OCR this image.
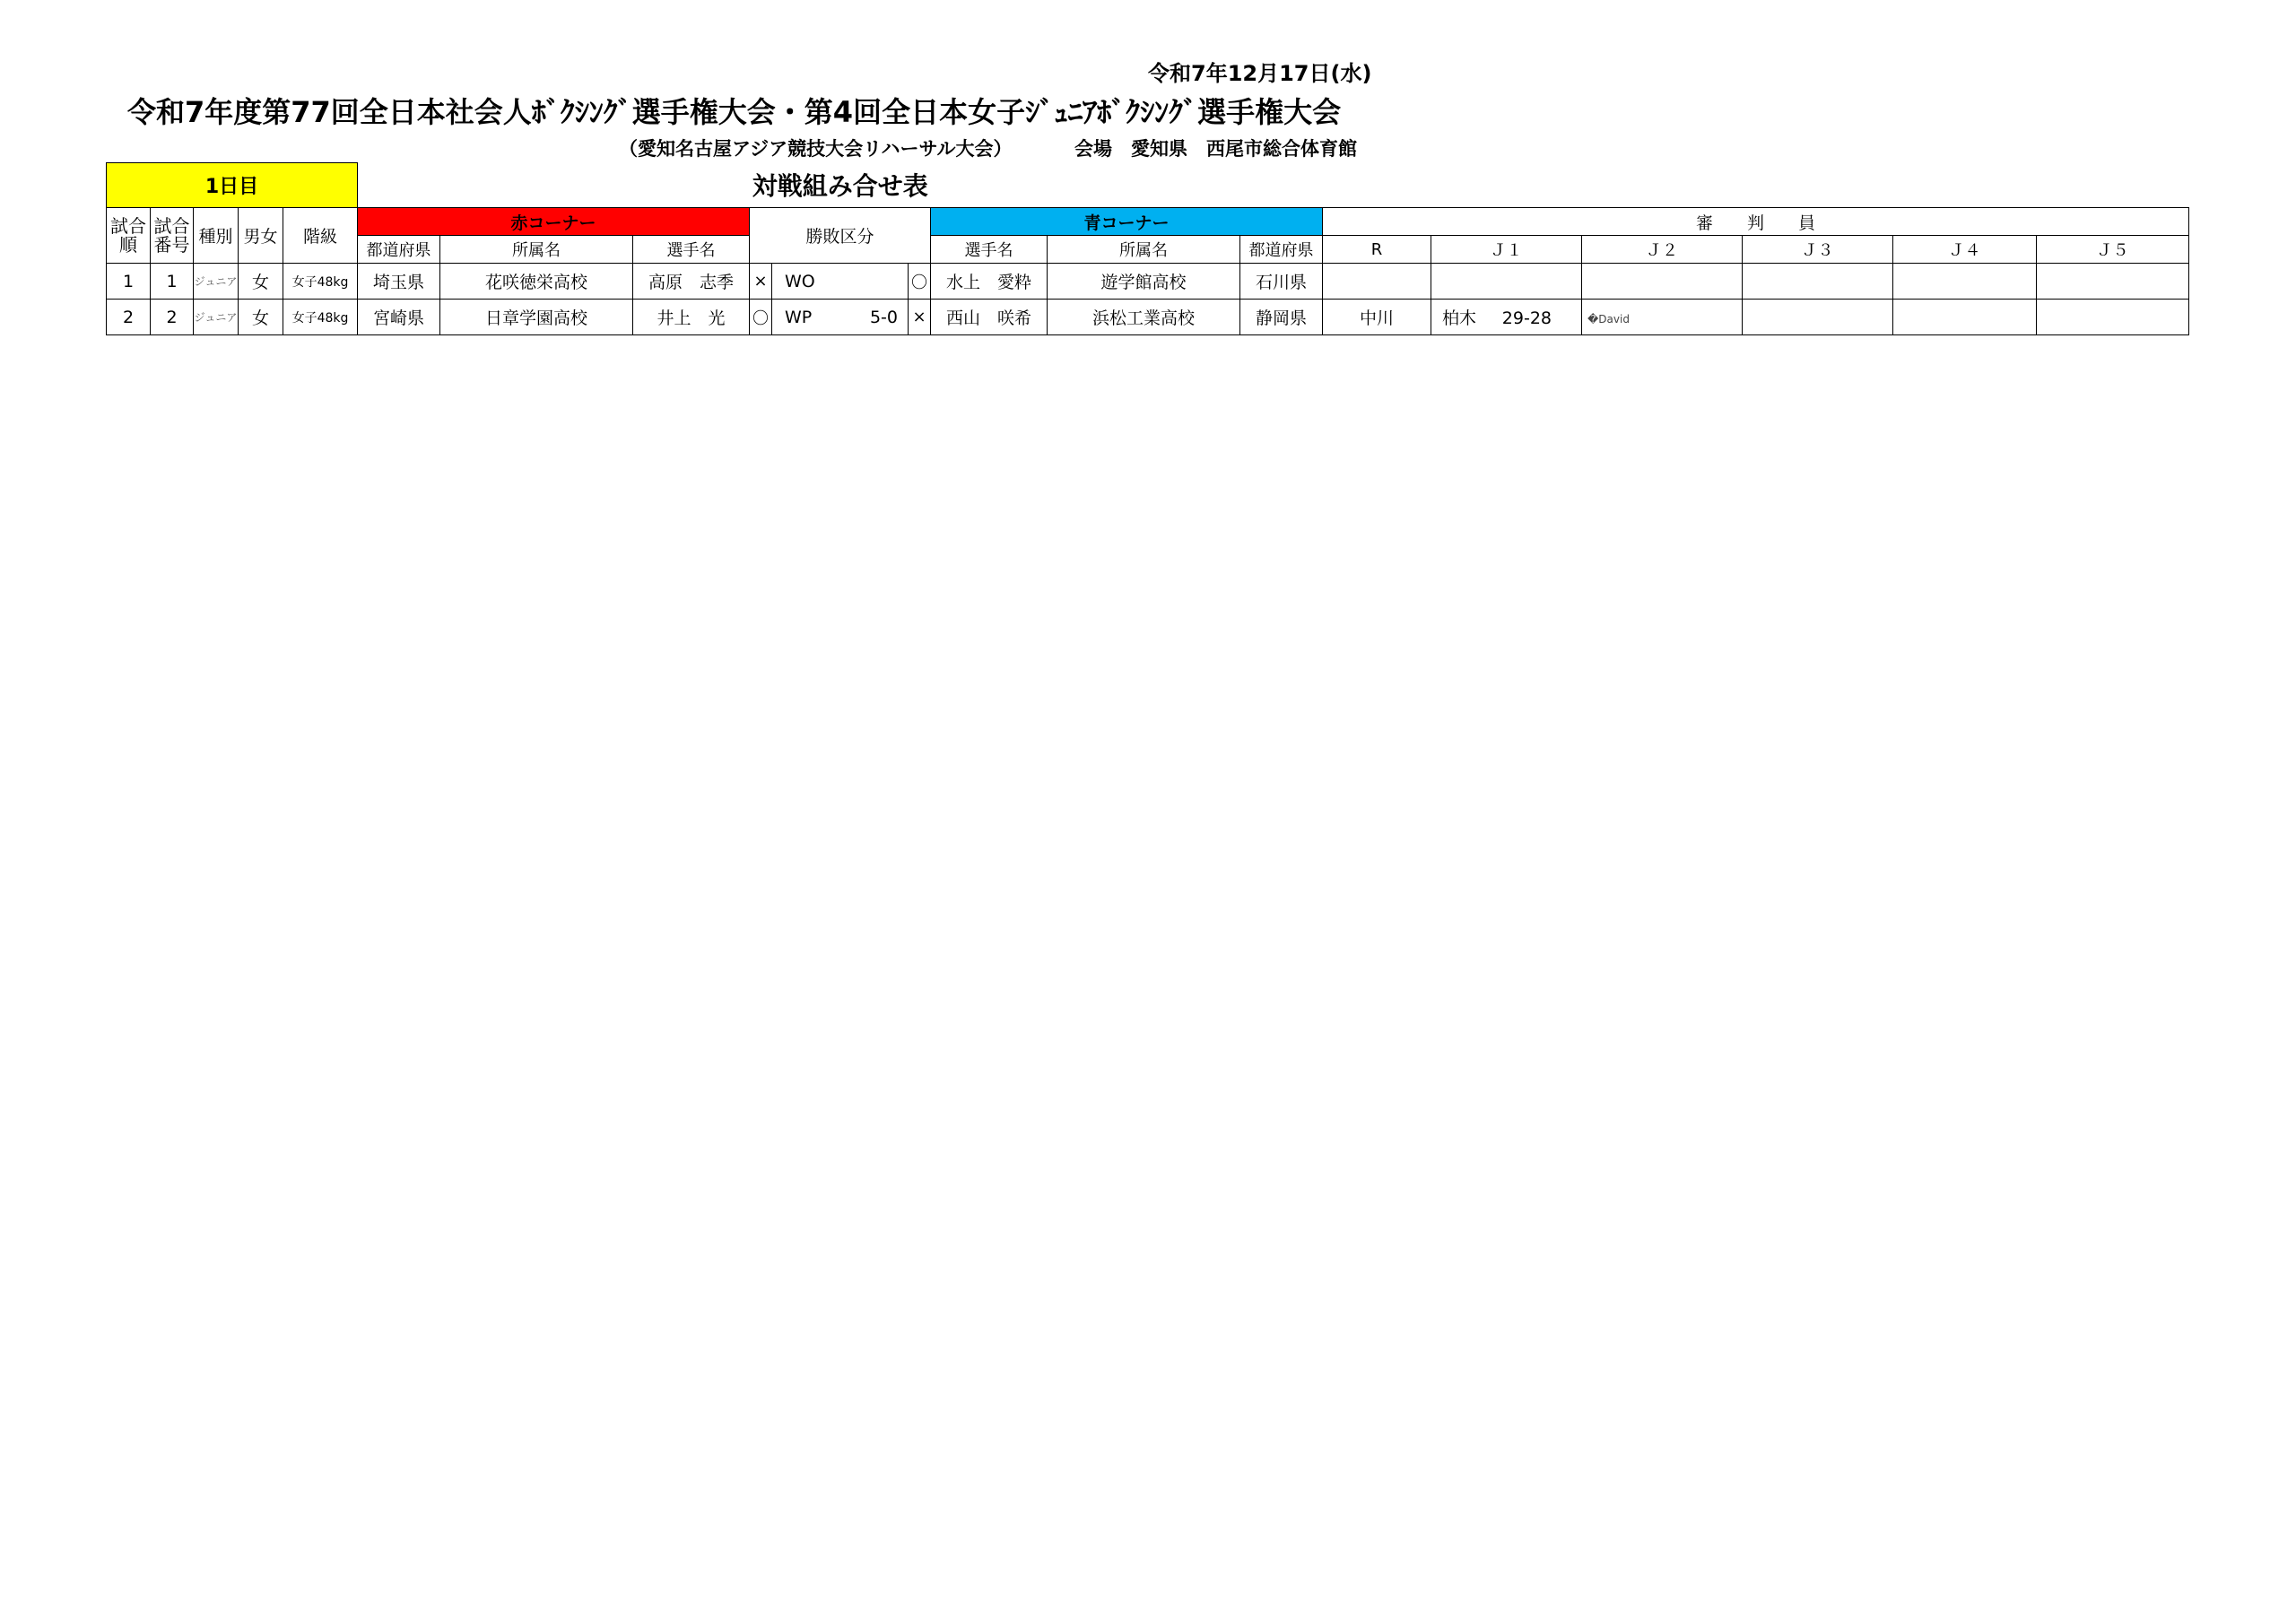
令和7年12月17日(水)
令和7年度第77回全日本社会人ﾎﾞｸｼﾝｸﾞ選手権大会・第4回全日本女子ｼﾞｭﾆｱﾎﾞｸｼﾝｸﾞ選手権大会
（愛知名古屋アジア競技大会リハーサル大会）	会場　愛知県　西尾市総合体育館
1日目					対戦組み合せ表														
試合順	試合番号	種別	男女	階級	赤コーナー			勝敗区分			青コーナー			審　　判　　員					
					都道府県	所属名	選手名				選手名	所属名	都道府県	R	Ｊ１	Ｊ２	Ｊ３	Ｊ４	Ｊ５
1	1	ジュニア	女	女子48kg	埼玉県	花咲徳栄高校	高原　志季	×	WO	〇	水上　愛粋	遊学館高校	石川県						
2	2	ジュニア	女	女子48kg	宮崎県	日章学園高校	井上　光	〇	WP 5-0	×	西山　咲希	浜松工業高校	静岡県	中川	柏木 29-28	�David			
